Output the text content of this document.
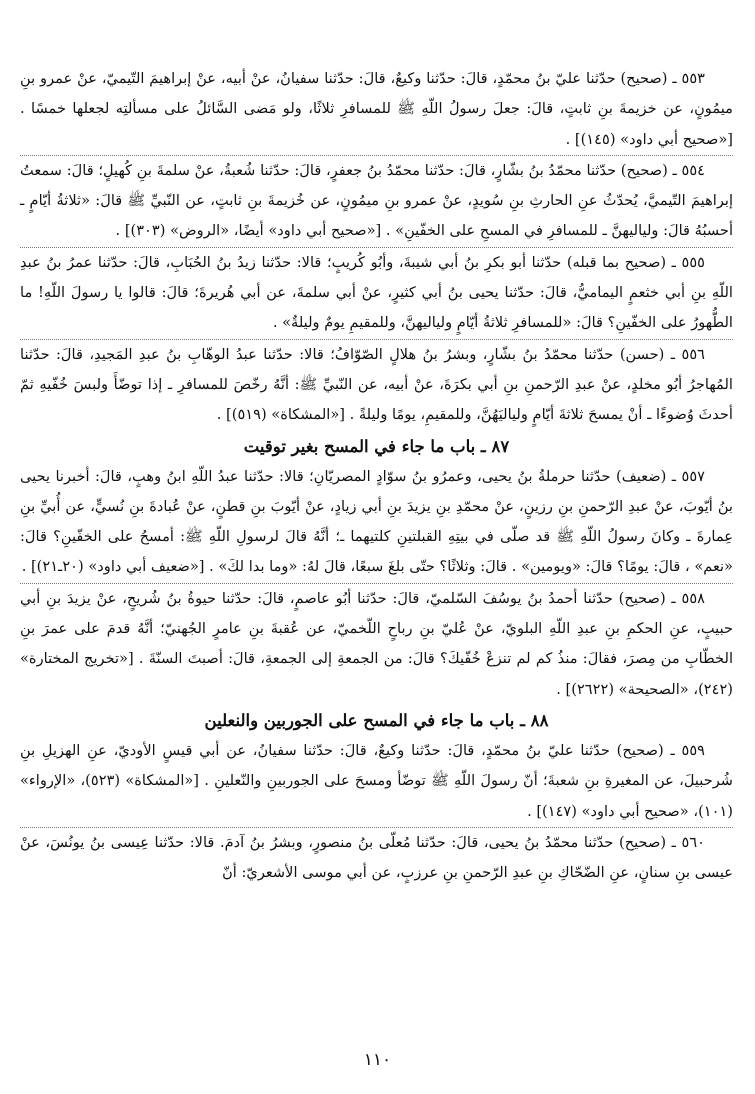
٥٥٣ ـ (صحيح) حدّثنا عليّ بنُ محمّدٍ، قالَ: حدّثنا وكيعٌ، قالَ: حدّثنا سفيانُ، عنْ أبيه، عنْ إبراهيمَ التّيميّ، عنْ عمرو بنِ ميمُونٍ، عن خزيمةَ بنِ ثابتٍ، قالَ: جعلَ رسولُ اللّهِ ﷺ للمسافرِ ثلاثًا، ولو مَضى السَّائلُ على مسألتِه لجعلها خمسًا . [«صحيح أبي داود» (١٤٥)] .

٥٥٤ ـ (صحيح) حدّثنا محمّدُ بنُ بشّارٍ، قالَ: حدّثنا محمّدُ بنُ جعفرٍ، قالَ: حدّثنا شُعبةُ، عنْ سلمةَ بنِ كُهيلٍ؛ قالَ: سمعتُ إبراهيمَ التّيميَّ، يُحدّثُ عنِ الحارثِ بنِ سُويدٍ، عنْ عمرو بنِ ميمُونٍ، عن خُزيمةَ بنِ ثابتٍ، عن النّبيِّ ﷺ قالَ: «ثلاثةُ أيّامٍ ـ أحسبُهُ قالَ: ولياليهنَّ ـ للمسافرِ في المسحِ على الخفّينِ» . [«صحيح أبي داود» أيضًا، «الروض» (٣٠٣)] .

٥٥٥ ـ (صحيح بما قبله) حدّثنا أبو بكرِ بنُ أبي شيبةَ، وأبُو كُريبٍ؛ قالا: حدّثنا زيدُ بنُ الحُبَابِ، قالَ: حدّثنا عمرُ بنُ عبدِ اللّهِ بنِ أبي خثعمٍ اليماميُّ، قالَ: حدّثنا يحيى بنُ أبي كثيرٍ، عنْ أبي سلمةَ، عن أبي هُريرةَ؛ قالَ: قالوا يا رسولَ اللّهِ! ما الطُّهورُ على الخفّينِ؟ قالَ: «للمسافرِ ثلاثةُ أيّامٍ ولياليهنَّ، وللمقيمِ يومٌ وليلةٌ» .

٥٥٦ ـ (حسن) حدّثنا محمّدُ بنُ بشّارٍ، وبشرُ بنُ هلالٍ الصّوّافُ؛ قالا: حدّثنا عبدُ الوهّابِ بنُ عبدِ المَجيدِ، قالَ: حدّثنا المُهاجرُ أبُو مخلدٍ، عنْ عبدِ الرّحمنِ بنِ أبي بكرَةَ، عنْ أبيه، عن النّبيِّ ﷺ: أنَّهُ رخّصَ للمسافرِ ـ إذا توضّأَ ولبسَ خُفّيهِ ثمّ أحدثَ وُضوءًا ـ أنْ يمسحَ ثلاثةَ أيّامٍ ولياليَهُنَّ، وللمقيمِ، يومًا وليلةً . [«المشكاة» (٥١٩)] .

٨٧ ـ باب ما جاء في المسح بغير توقيت

٥٥٧ ـ (ضعيف) حدّثنا حرملةُ بنُ يحيى، وعمرُو بنُ سوّادٍ المصريّانِ؛ قالا: حدّثنا عبدُ اللّهِ ابنُ وهبٍ، قالَ: أخبرنا يحيى بنُ أيّوبَ، عنْ عبدِ الرّحمنِ بنِ رزينٍ، عنْ محمّدِ بنِ يزيدَ بنِ أبي زيادٍ، عنْ أيّوبَ بنِ قطنٍ، عنْ عُبادةَ بنِ نُسيٍّ، عن أُبيِّ بنِ عِمارةَ ـ وكانَ رسولُ اللّهِ ﷺ قد صلّى في بيتِهِ القبلتينِ كلتيهما ـ؛ أنَّهُ قالَ لرسولِ اللّهِ ﷺ: أمسحُ على الخفّينِ؟ قالَ: «نعم» ، قالَ: يومًا؟ قالَ: «ويومين» . قالَ: وثلاثًا؟ حتّى بلغَ سبعًا، قالَ لهُ: «وما بدا لكَ» . [«ضعيف أبي داود» (٢٠ـ٢١)] .

٥٥٨ ـ (صحيح) حدّثنا أحمدُ بنُ يوسُفَ السّلميّ، قالَ: حدّثنا أبُو عاصمٍ، قالَ: حدّثنا حيوةُ بنُ شُريحٍ، عنْ يزيدَ بنِ أبي حبيبٍ، عنِ الحكمِ بنِ عبدِ اللّهِ البلويّ، عنْ عُليّ بنِ رباحٍ اللّخميّ، عن عُقبةَ بنِ عامرٍ الجُهنيّ؛ أنَّهُ قدمَ على عمرَ بنِ الخطّابِ من مِصرَ، فقالَ: منذُ كم لم تنزعْ خُفّيكَ؟ قالَ: من الجمعةِ إلى الجمعةِ، قالَ: أصبتَ السنّةَ . [«تخريج المختارة» (٢٤٢)، «الصحيحة» (٢٦٢٢)] .

٨٨ ـ باب ما جاء في المسح على الجوربين والنعلين

٥٥٩ ـ (صحيح) حدّثنا عليّ بنُ محمّدٍ، قالَ: حدّثنا وكيعٌ، قالَ: حدّثنا سفيانُ، عن أبي قيسٍ الأوديّ، عنِ الهزيلِ بنِ شُرحبيلَ، عن المغيرةِ بنِ شعبةَ؛ أنّ رسولَ اللّهِ ﷺ توضّأ ومسحَ على الجوربينِ والنّعلينِ . [«المشكاة» (٥٢٣)، «الإرواء» (١٠١)، «صحيح أبي داود» (١٤٧)] .

٥٦٠ ـ (صحيح) حدّثنا محمّدُ بنُ يحيى، قالَ: حدّثنا مُعلّى بنُ منصورٍ، وبشرُ بنُ آدمَ. قالا: حدّثنا عِيسى بنُ يونُسَ، عنْ عيسى بنِ سنانٍ، عنِ الضّحّاكِ بنِ عبدِ الرّحمنِ بنِ عرزبٍ، عن أبي موسى الأشعريّ: أنّ

١١٠
